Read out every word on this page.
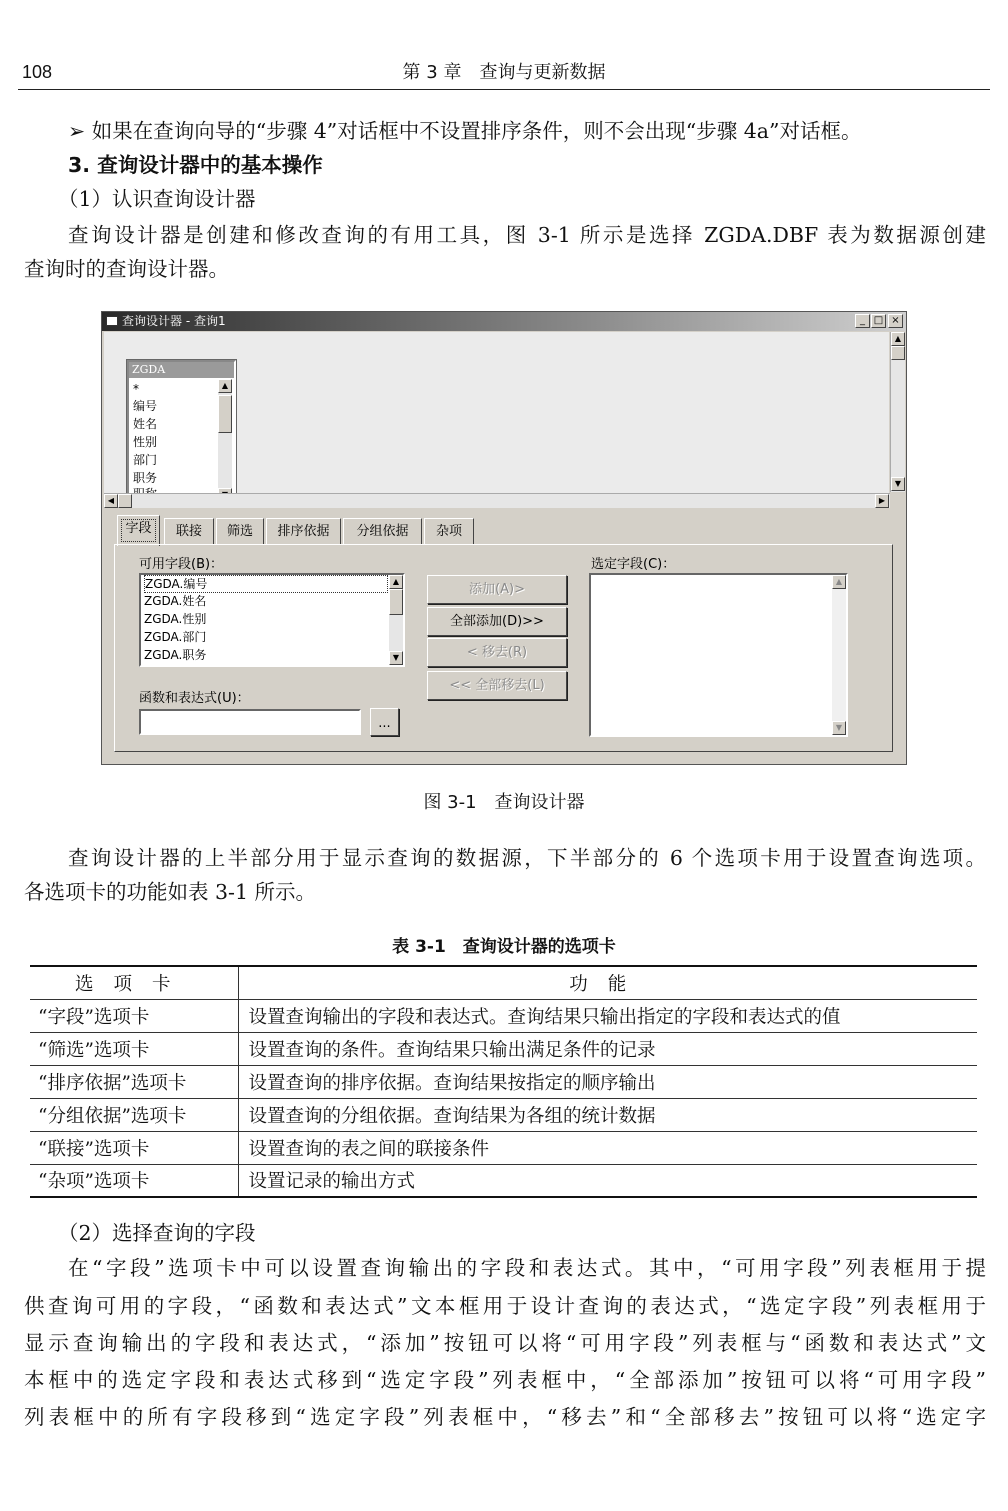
108	第 3 章　查询与更新数据
➢ 如果在查询向导的“步骤 4”对话框中不设置排序条件，则不会出现“步骤 4a”对话框。
3. 查询设计器中的基本操作
（1）认识查询设计器
查询设计器是创建和修改查询的有用工具，图 3-1 所示是选择 ZGDA.DBF 表为数据源创建
查询时的查询设计器。
查询设计器 - 查询1	_ □ ×
ZGDA
*
编号
姓名
性别
部门
职务
▲
▲
▼
◀	▶
字段	联接	筛选	排序依据	分组依据	杂项
可用字段(B)：
ZGDA.编号
ZGDA.姓名
ZGDA.性别
ZGDA.部门
ZGDA.职务
▲
▼
函数和表达式(U)：
...
添加(A)>
全部添加(D)>>
< 移去(R)
<< 全部移去(L)
选定字段(C)：
▲
▼
图 3-1　查询设计器
查询设计器的上半部分用于显示查询的数据源，下半部分的 6 个选项卡用于设置查询选项。
各选项卡的功能如表 3-1 所示。
表 3-1　查询设计器的选项卡
选项卡	功能
“字段”选项卡	设置查询输出的字段和表达式。查询结果只输出指定的字段和表达式的值
“筛选”选项卡	设置查询的条件。查询结果只输出满足条件的记录
“排序依据”选项卡	设置查询的排序依据。查询结果按指定的顺序输出
“分组依据”选项卡	设置查询的分组依据。查询结果为各组的统计数据
“联接”选项卡	设置查询的表之间的联接条件
“杂项”选项卡	设置记录的输出方式
（2）选择查询的字段
在“字段”选项卡中可以设置查询输出的字段和表达式。其中，“可用字段”列表框用于提
供查询可用的字段，“函数和表达式”文本框用于设计查询的表达式，“选定字段”列表框用于
显示查询输出的字段和表达式，“添加”按钮可以将“可用字段”列表框与“函数和表达式”文
本框中的选定字段和表达式移到“选定字段”列表框中，“全部添加”按钮可以将“可用字段”
列表框中的所有字段移到“选定字段”列表框中，“移去”和“全部移去”按钮可以将“选定字
